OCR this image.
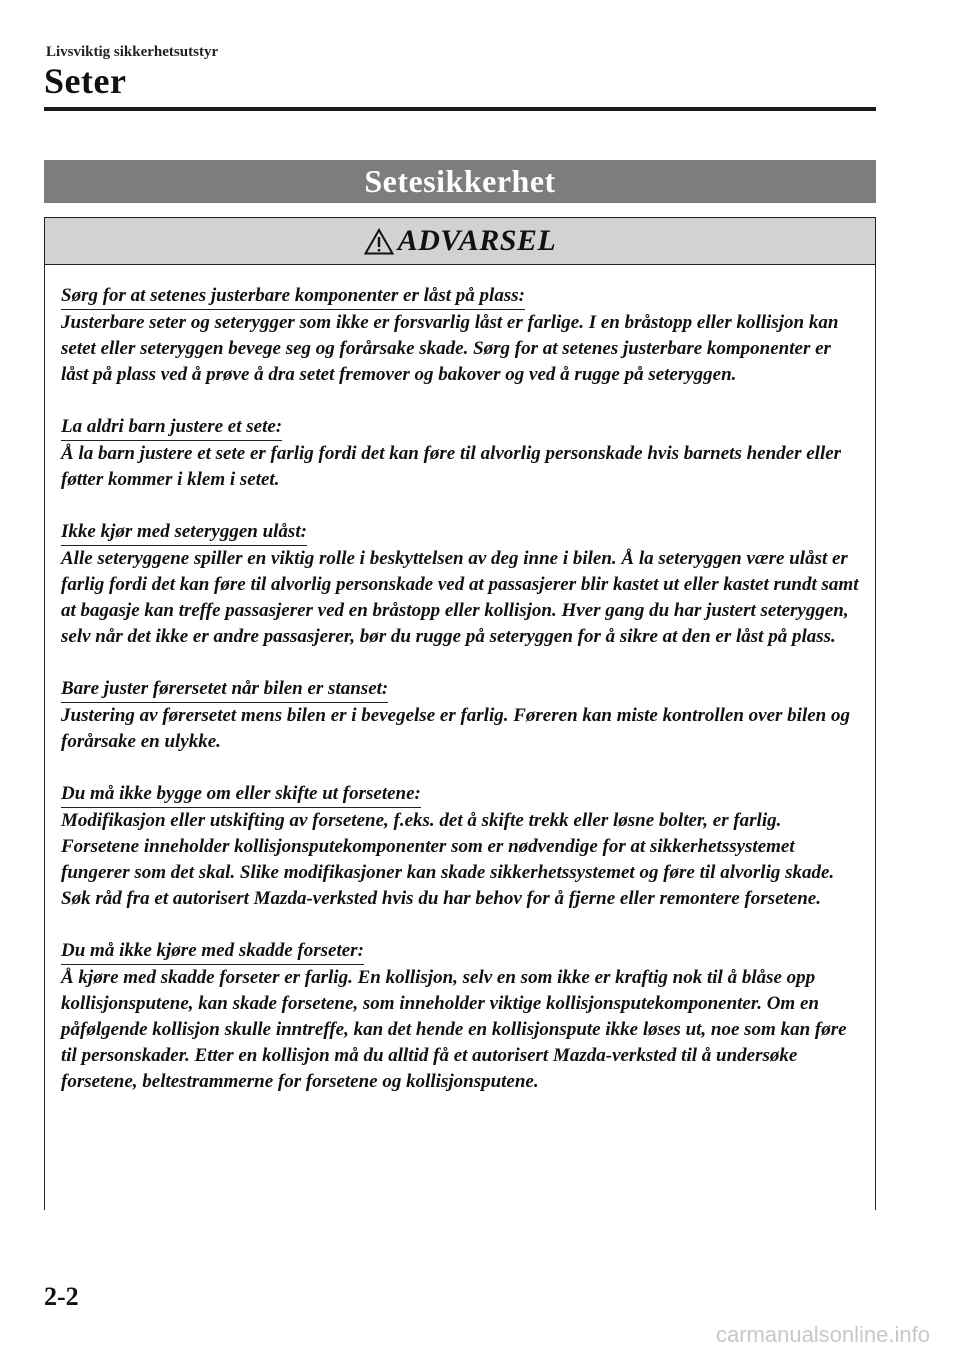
Livsviktig sikkerhetsutstyr
Seter
Setesikkerhet
ADVARSEL
Sørg for at setenes justerbare komponenter er låst på plass:

Justerbare seter og seterygger som ikke er forsvarlig låst er farlige. I en bråstopp eller kollisjon kan setet eller seteryggen bevege seg og forårsake skade. Sørg for at setenes justerbare komponenter er låst på plass ved å prøve å dra setet fremover og bakover og ved å rugge på seteryggen.

La aldri barn justere et sete:

Å la barn justere et sete er farlig fordi det kan føre til alvorlig personskade hvis barnets hender eller føtter kommer i klem i setet.

Ikke kjør med seteryggen ulåst:

Alle seteryggene spiller en viktig rolle i beskyttelsen av deg inne i bilen. Å la seteryggen være ulåst er farlig fordi det kan føre til alvorlig personskade ved at passasjerer blir kastet ut eller kastet rundt samt at bagasje kan treffe passasjerer ved en bråstopp eller kollisjon. Hver gang du har justert seteryggen, selv når det ikke er andre passasjerer, bør du rugge på seteryggen for å sikre at den er låst på plass.

Bare juster førersetet når bilen er stanset:

Justering av førersetet mens bilen er i bevegelse er farlig. Føreren kan miste kontrollen over bilen og forårsake en ulykke.

Du må ikke bygge om eller skifte ut forsetene:

Modifikasjon eller utskifting av forsetene, f.eks. det å skifte trekk eller løsne bolter, er farlig. Forsetene inneholder kollisjonsputekomponenter som er nødvendige for at sikkerhetssystemet fungerer som det skal. Slike modifikasjoner kan skade sikkerhetssystemet og føre til alvorlig skade. Søk råd fra et autorisert Mazda-verksted hvis du har behov for å fjerne eller remontere forsetene.

Du må ikke kjøre med skadde forseter:

Å kjøre med skadde forseter er farlig. En kollisjon, selv en som ikke er kraftig nok til å blåse opp kollisjonsputene, kan skade forsetene, som inneholder viktige kollisjonsputekomponenter. Om en påfølgende kollisjon skulle inntreffe, kan det hende en kollisjonspute ikke løses ut, noe som kan føre til personskader. Etter en kollisjon må du alltid få et autorisert Mazda-verksted til å undersøke forsetene, beltestrammerne for forsetene og kollisjonsputene.

2-2
carmanualsonline.info
